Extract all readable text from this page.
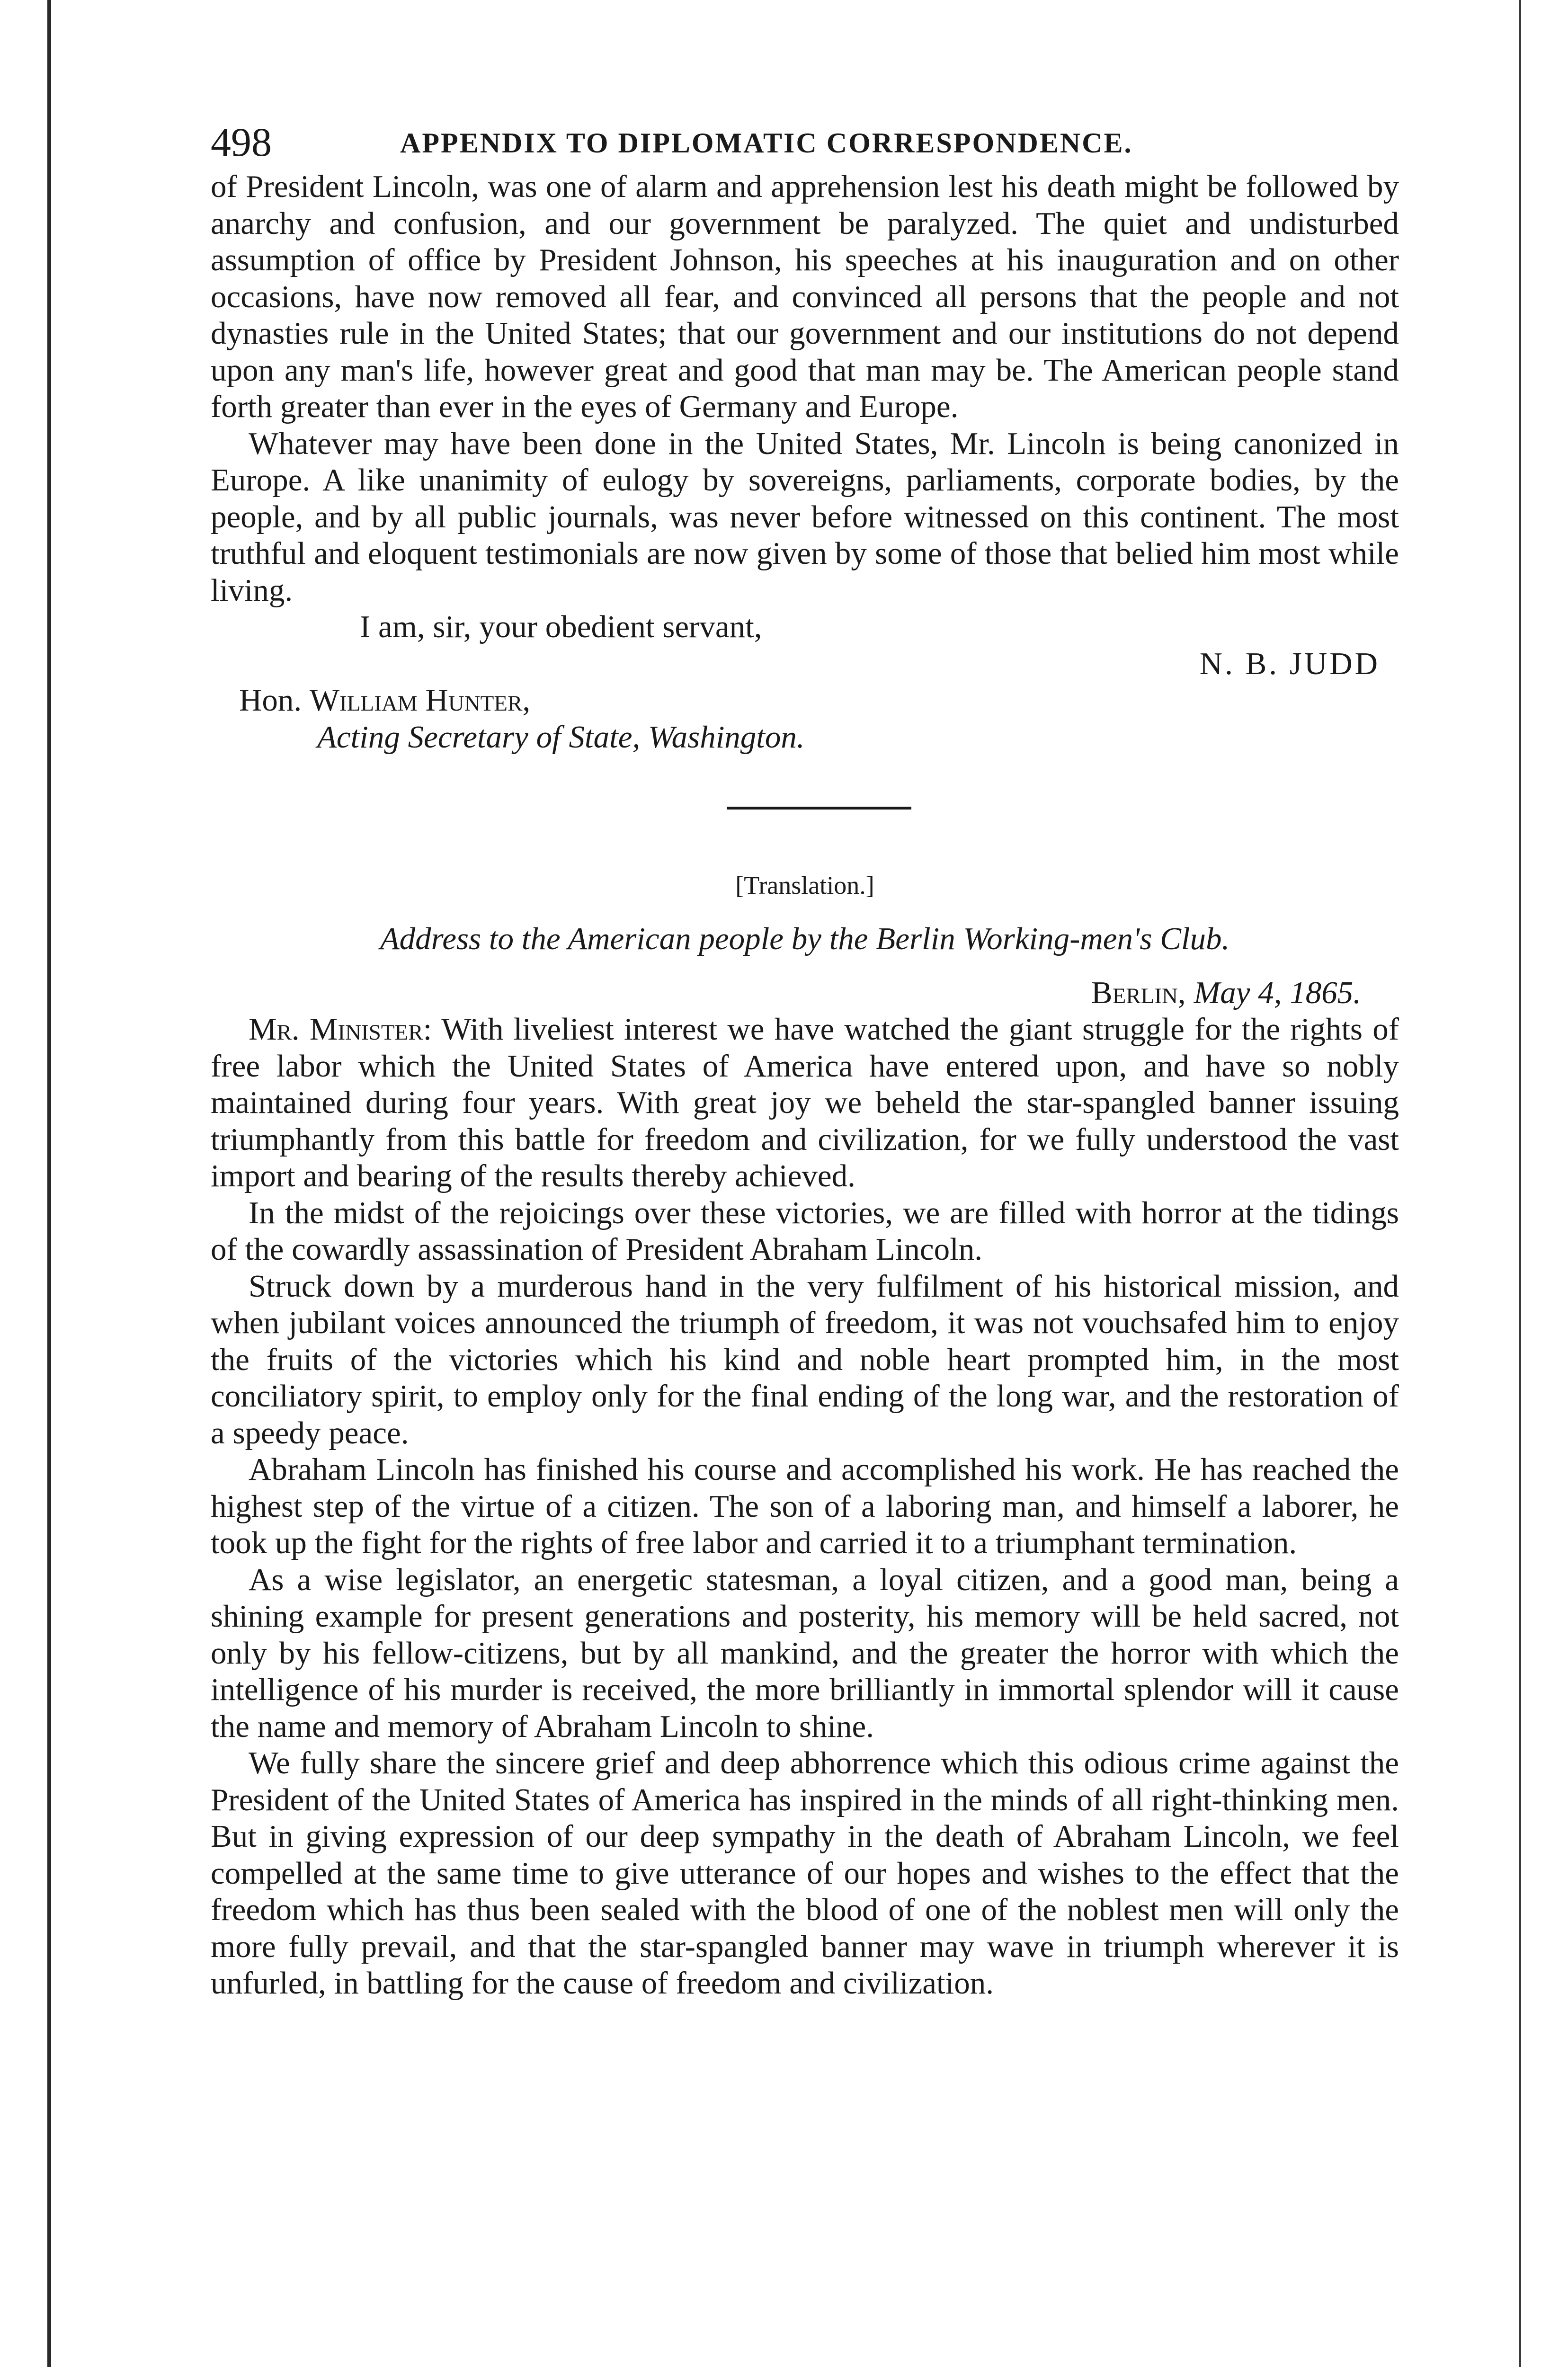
498	APPENDIX TO DIPLOMATIC CORRESPONDENCE.

of President Lincoln, was one of alarm and apprehension lest his death might be followed by anarchy and confusion, and our government be paralyzed. The quiet and undisturbed assumption of office by President Johnson, his speeches at his inauguration and on other occasions, have now removed all fear, and convinced all persons that the people and not dynasties rule in the United States; that our government and our institutions do not depend upon any man's life, however great and good that man may be. The American people stand forth greater than ever in the eyes of Germany and Europe.

Whatever may have been done in the United States, Mr. Lincoln is being canonized in Europe. A like unanimity of eulogy by sovereigns, parliaments, corporate bodies, by the people, and by all public journals, was never before witnessed on this continent. The most truthful and eloquent testimonials are now given by some of those that belied him most while living.

I am, sir, your obedient servant,

N. B. JUDD

Hon. William Hunter,

Acting Secretary of State, Washington.

[Translation.]

Address to the American people by the Berlin Working-men's Club.

Berlin, May 4, 1865.

Mr. Minister: With liveliest interest we have watched the giant struggle for the rights of free labor which the United States of America have entered upon, and have so nobly maintained during four years. With great joy we beheld the star-spangled banner issuing triumphantly from this battle for freedom and civilization, for we fully understood the vast import and bearing of the results thereby achieved.

In the midst of the rejoicings over these victories, we are filled with horror at the tidings of the cowardly assassination of President Abraham Lincoln.

Struck down by a murderous hand in the very fulfilment of his historical mission, and when jubilant voices announced the triumph of freedom, it was not vouchsafed him to enjoy the fruits of the victories which his kind and noble heart prompted him, in the most conciliatory spirit, to employ only for the final ending of the long war, and the restoration of a speedy peace.

Abraham Lincoln has finished his course and accomplished his work. He has reached the highest step of the virtue of a citizen. The son of a laboring man, and himself a laborer, he took up the fight for the rights of free labor and carried it to a triumphant termination.

As a wise legislator, an energetic statesman, a loyal citizen, and a good man, being a shining example for present generations and posterity, his memory will be held sacred, not only by his fellow-citizens, but by all mankind, and the greater the horror with which the intelligence of his murder is received, the more brilliantly in immortal splendor will it cause the name and memory of Abraham Lincoln to shine.

We fully share the sincere grief and deep abhorrence which this odious crime against the President of the United States of America has inspired in the minds of all right-thinking men. But in giving expression of our deep sympathy in the death of Abraham Lincoln, we feel compelled at the same time to give utterance of our hopes and wishes to the effect that the freedom which has thus been sealed with the blood of one of the noblest men will only the more fully prevail, and that the star-spangled banner may wave in triumph wherever it is unfurled, in battling for the cause of freedom and civilization.
